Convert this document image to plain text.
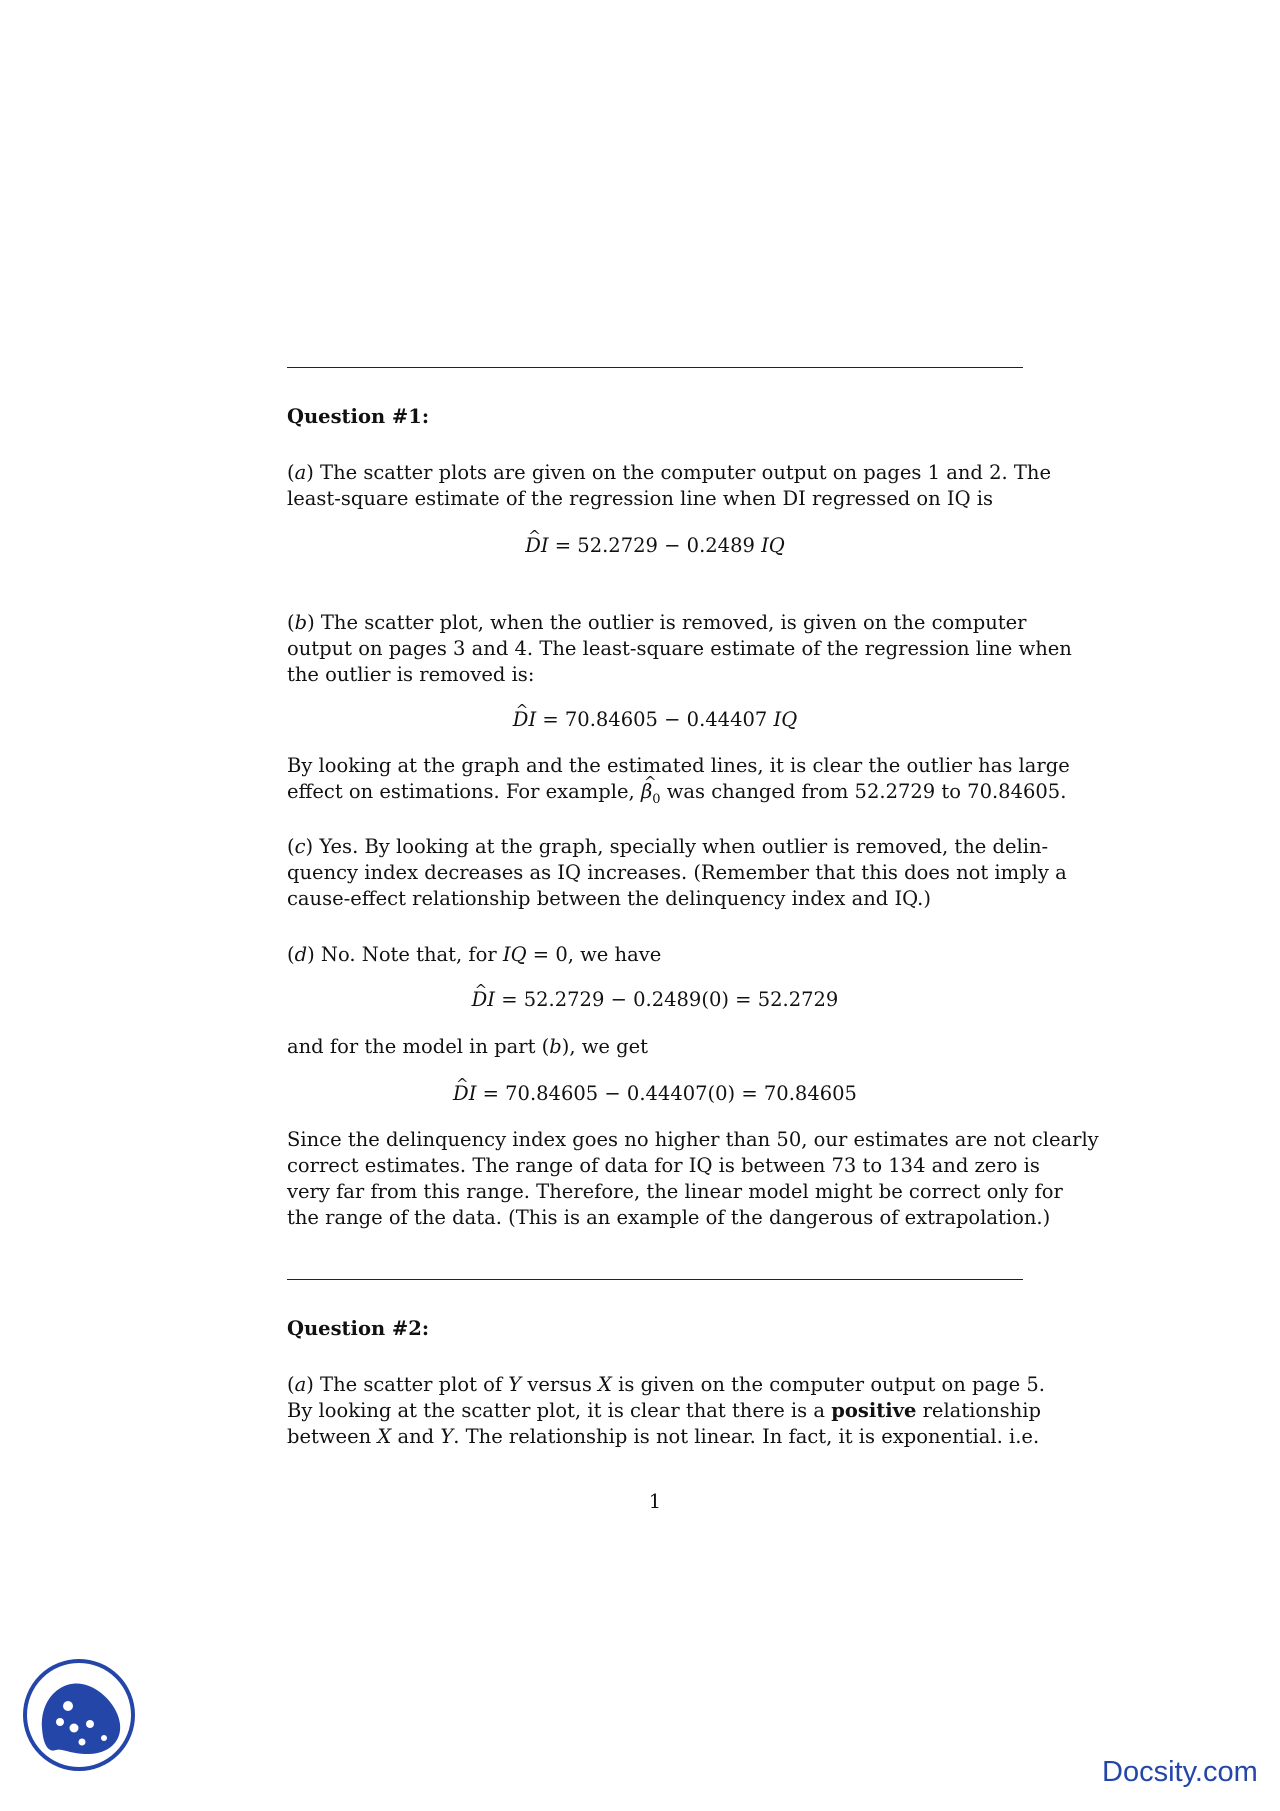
Question #1:
(a) The scatter plots are given on the computer output on pages 1 and 2. The
least-square estimate of the regression line when DI regressed on IQ is
^ DI = 52.2729 − 0.2489 IQ
(b) The scatter plot, when the outlier is removed, is given on the computer
output on pages 3 and 4. The least-square estimate of the regression line when
the outlier is removed is:
^ DI = 70.84605 − 0.44407 IQ
By looking at the graph and the estimated lines, it is clear the outlier has large
effect on estimations. For example, ^ $\beta_0$ was changed from 52.2729 to 70.84605.
(c) Yes. By looking at the graph, specially when outlier is removed, the delin-
quency index decreases as IQ increases. (Remember that this does not imply a
cause-effect relationship between the delinquency index and IQ.)
(d) No. Note that, for IQ = 0, we have
^ DI = 52.2729 − 0.2489(0) = 52.2729
and for the model in part (b), we get
^ DI = 70.84605 − 0.44407(0) = 70.84605
Since the delinquency index goes no higher than 50, our estimates are not clearly
correct estimates. The range of data for IQ is between 73 to 134 and zero is
very far from this range. Therefore, the linear model might be correct only for
the range of the data. (This is an example of the dangerous of extrapolation.)
Question #2:
(a) The scatter plot of Y versus X is given on the computer output on page 5.
By looking at the scatter plot, it is clear that there is a positive relationship
between X and Y. The relationship is not linear. In fact, it is exponential. i.e.
1
Docsity.com
